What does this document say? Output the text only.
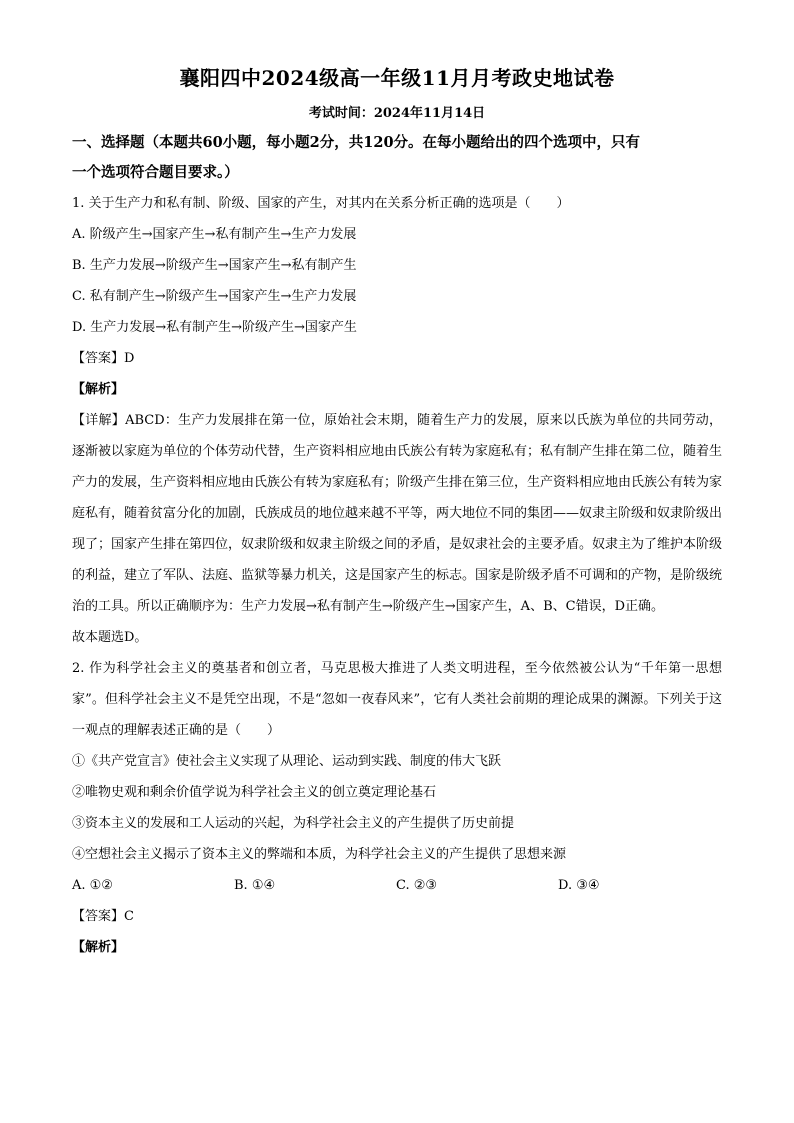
襄阳四中2024级高一年级11月月考政史地试卷
考试时间：2024年11月14日
一、选择题（本题共60小题，每小题2分，共120分。在每小题给出的四个选项中，只有
一个选项符合题目要求。）
1. 关于生产力和私有制、阶级、国家的产生，对其内在关系分析正确的选项是（　　）
A. 阶级产生→国家产生→私有制产生→生产力发展
B. 生产力发展→阶级产生→国家产生→私有制产生
C. 私有制产生→阶级产生→国家产生→生产力发展
D. 生产力发展→私有制产生→阶级产生→国家产生
【答案】D
【解析】
【详解】ABCD：生产力发展排在第一位，原始社会末期，随着生产力的发展，原来以氏族为单位的共同劳动，逐渐被以家庭为单位的个体劳动代替，生产资料相应地由氏族公有转为家庭私有；私有制产生排在第二位，随着生产力的发展，生产资料相应地由氏族公有转为家庭私有；阶级产生排在第三位，生产资料相应地由氏族公有转为家庭私有，随着贫富分化的加剧，氏族成员的地位越来越不平等，两大地位不同的集团——奴隶主阶级和奴隶阶级出现了；国家产生排在第四位，奴隶阶级和奴隶主阶级之间的矛盾，是奴隶社会的主要矛盾。奴隶主为了维护本阶级的利益，建立了军队、法庭、监狱等暴力机关，这是国家产生的标志。国家是阶级矛盾不可调和的产物，是阶级统治的工具。所以正确顺序为：生产力发展→私有制产生→阶级产生→国家产生，A、B、C错误，D正确。
故本题选D。
2. 作为科学社会主义的奠基者和创立者，马克思极大推进了人类文明进程，至今依然被公认为“千年第一思想家”。但科学社会主义不是凭空出现，不是“忽如一夜春风来”，它有人类社会前期的理论成果的渊源。下列关于这一观点的理解表述正确的是（　　）
①《共产党宣言》使社会主义实现了从理论、运动到实践、制度的伟大飞跃
②唯物史观和剩余价值学说为科学社会主义的创立奠定理论基石
③资本主义的发展和工人运动的兴起，为科学社会主义的产生提供了历史前提
④空想社会主义揭示了资本主义的弊端和本质，为科学社会主义的产生提供了思想来源
A. ①②	B. ①④	C. ②③	D. ③④
【答案】C
【解析】
